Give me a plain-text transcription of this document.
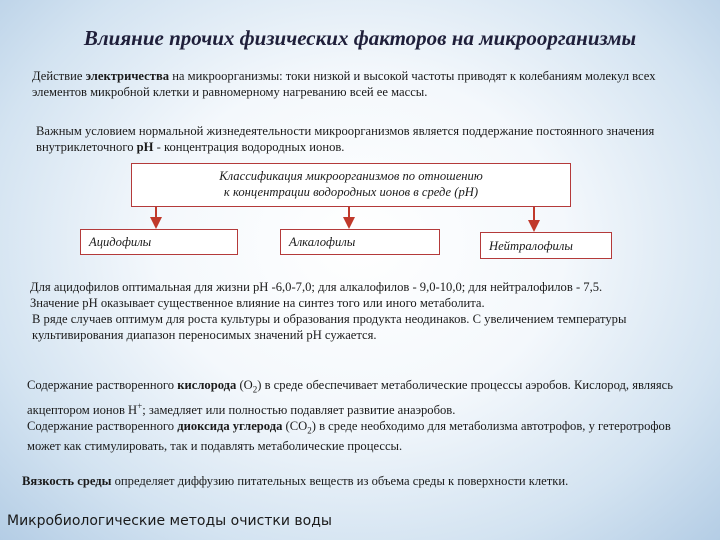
Влияние прочих физических факторов на микроорганизмы

Действие электричества на микроорганизмы: токи низкой и высокой частоты приводят к колебаниям молекул всех элементов микробной клетки и равномерному нагреванию всей ее массы.

Важным условием нормальной жизнедеятельности микроорганизмов является поддержание постоянного значения внутриклеточного рН - концентрация водородных ионов.

Классификация микроорганизмов по отношению
к концентрации водородных ионов в среде (рН)
Ацидофилы	Алкалофилы	Нейтралофилы
Для ацидофилов оптимальная для жизни рН -6,0-7,0; для алкалофилов - 9,0-10,0; для нейтралофилов - 7,5.
Значение рН оказывает существенное влияние на синтез того или иного метаболита.
В ряде случаев оптимум для роста культуры и образования продукта неодинаков. С увеличением температуры культивирования диапазон переносимых значений рН сужается.
Содержание растворенного кислорода $(O_2)$ в среде обеспечивает метаболические процессы аэробов. Кислород, являясь акцептором ионов Н+; замедляет или полностью подавляет развитие анаэробов.
Содержание растворенного диоксида углерода $(СО_2)$ в среде необходимо для метаболизма автотрофов, у гетеротрофов может как стимулировать, так и подавлять метаболические процессы.

Вязкость среды определяет диффузию питательных веществ из объема среды к поверхности клетки.

Микробиологические методы очистки воды
